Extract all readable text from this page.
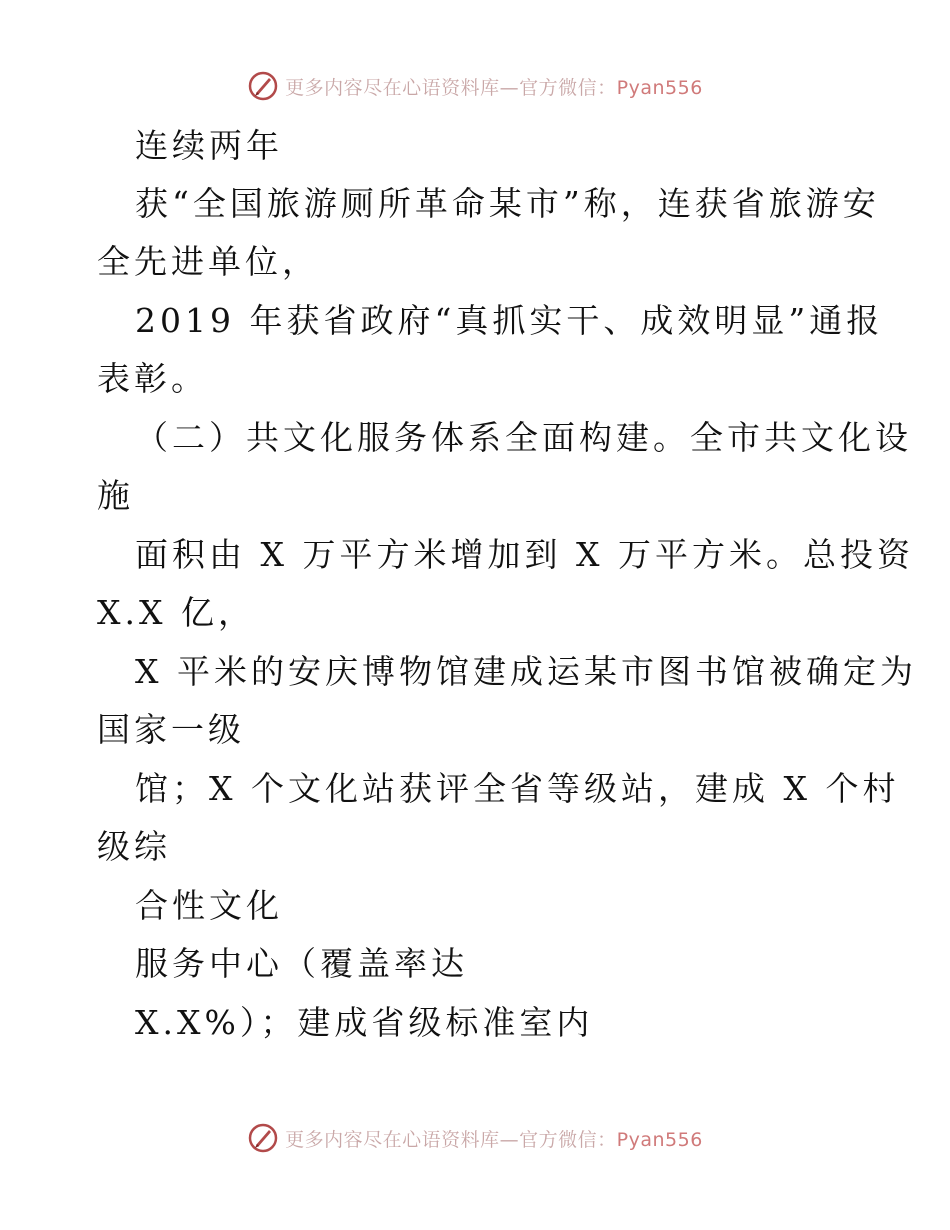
更多内容尽在心语资料库—官方微信：Pyan556
连续两年
获“全国旅游厕所革命某市”称，连获省旅游安
全先进单位，
2019 年获省政府“真抓实干、成效明显”通报
表彰。
（二）共文化服务体系全面构建。全市共文化设
施
面积由 X 万平方米增加到 X 万平方米。总投资
X.X 亿，
X 平米的安庆博物馆建成运某市图书馆被确定为
国家一级
馆；X 个文化站获评全省等级站，建成 X 个村
级综
合性文化
服务中心（覆盖率达
X.X%）；建成省级标准室内
更多内容尽在心语资料库—官方微信：Pyan556
